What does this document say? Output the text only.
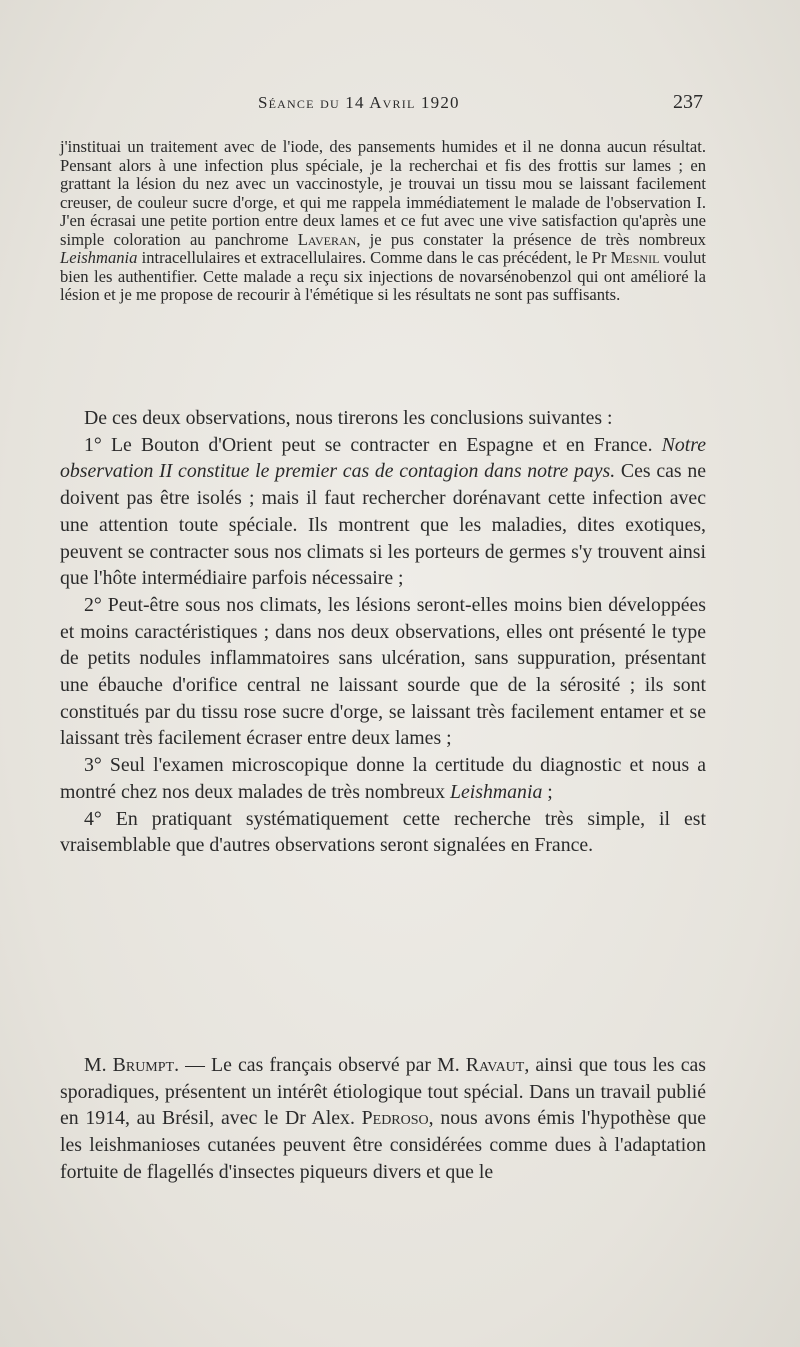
Séance du 14 Avril 1920	237

j'instituai un traitement avec de l'iode, des pansements humides et il ne donna aucun résultat. Pensant alors à une infection plus spéciale, je la recherchai et fis des frottis sur lames ; en grattant la lésion du nez avec un vaccinostyle, je trouvai un tissu mou se laissant facilement creuser, de couleur sucre d'orge, et qui me rappela immédiatement le malade de l'observation I. J'en écrasai une petite portion entre deux lames et ce fut avec une vive satisfaction qu'après une simple coloration au panchrome Laveran, je pus constater la présence de très nombreux Leishmania intracellulaires et extracellulaires. Comme dans le cas précédent, le Pr Mesnil voulut bien les authentifier. Cette malade a reçu six injections de novarsénobenzol qui ont amélioré la lésion et je me propose de recourir à l'émétique si les résultats ne sont pas suffisants.

De ces deux observations, nous tirerons les conclusions suivantes :

1° Le Bouton d'Orient peut se contracter en Espagne et en France. Notre observation II constitue le premier cas de contagion dans notre pays. Ces cas ne doivent pas être isolés ; mais il faut rechercher dorénavant cette infection avec une attention toute spéciale. Ils montrent que les maladies, dites exotiques, peuvent se contracter sous nos climats si les porteurs de germes s'y trouvent ainsi que l'hôte intermédiaire parfois nécessaire ;

2° Peut-être sous nos climats, les lésions seront-elles moins bien développées et moins caractéristiques ; dans nos deux observations, elles ont présenté le type de petits nodules inflammatoires sans ulcération, sans suppuration, présentant une ébauche d'orifice central ne laissant sourde que de la sérosité ; ils sont constitués par du tissu rose sucre d'orge, se laissant très facilement entamer et se laissant très facilement écraser entre deux lames ;

3° Seul l'examen microscopique donne la certitude du diagnostic et nous a montré chez nos deux malades de très nombreux Leishmania ;

4° En pratiquant systématiquement cette recherche très simple, il est vraisemblable que d'autres observations seront signalées en France.

M. Brumpt. — Le cas français observé par M. Ravaut, ainsi que tous les cas sporadiques, présentent un intérêt étiologique tout spécial. Dans un travail publié en 1914, au Brésil, avec le Dr Alex. Pedroso, nous avons émis l'hypothèse que les leishmanioses cutanées peuvent être considérées comme dues à l'adaptation fortuite de flagellés d'insectes piqueurs divers et que le
